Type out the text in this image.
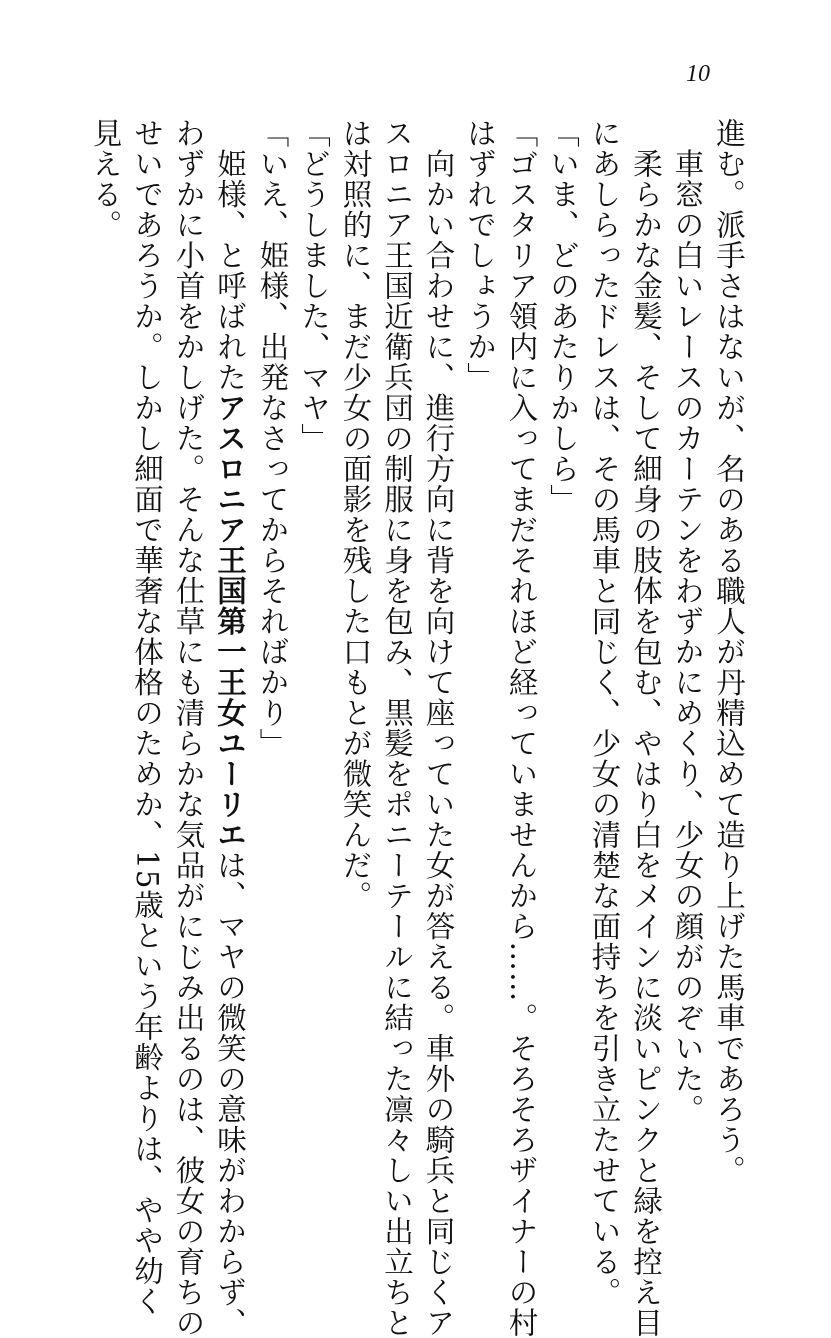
10
進む。派手さはないが、名のある職人が丹精込めて造り上げた馬車であろう。
　車窓の白いレースのカーテンをわずかにめくり、少女の顔がのぞいた。
　柔らかな金髪、そして細身の肢体を包む、やはり白をメインに淡いピンクと緑を控え目
にあしらったドレスは、その馬車と同じく、少女の清楚な面持ちを引き立たせている。
「いま、どのあたりかしら」
「ゴスタリア領内に入ってまだそれほど経っていませんから……。そろそろザイナーの村
はずれでしょうか」
　向かい合わせに、進行方向に背を向けて座っていた女が答える。車外の騎兵と同じくア
スロニア王国近衛兵団の制服に身を包み、黒髪をポニーテールに結った凛々しい出立ちと
は対照的に、まだ少女の面影を残した口もとが微笑んだ。
「どうしました、マヤ」
「いえ、姫様、出発なさってからそればかり」
　姫様、と呼ばれたアスロニア王国第一王女ユーリエは、マヤの微笑の意味がわからず、
わずかに小首をかしげた。そんな仕草にも清らかな気品がにじみ出るのは、彼女の育ちの
せいであろうか。しかし細面で華奢な体格のためか、15歳という年齢よりは、やや幼く
見える。
